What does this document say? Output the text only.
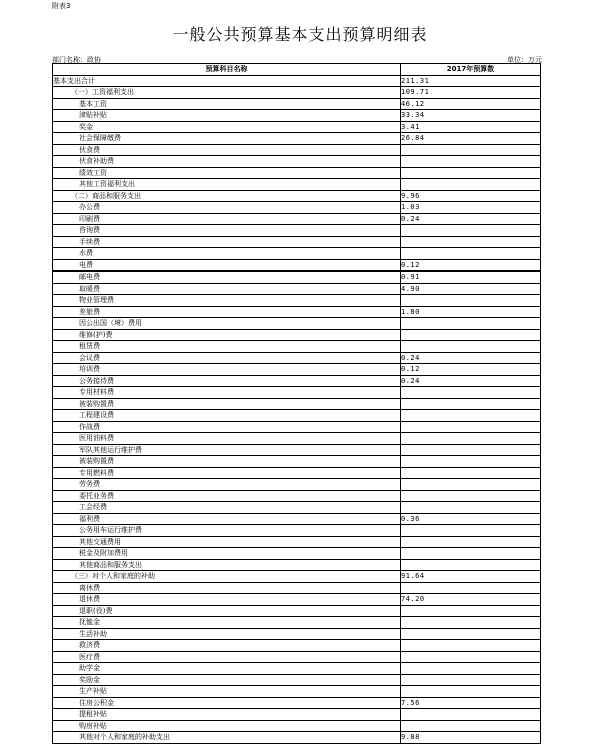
附表3
一般公共预算基本支出预算明细表
部门名称：政协	单位：万元
预算科目名称	2017年预算数
基本支出合计	211.31
（一）工资福利支出	109.71
基本工资	46.12
津贴补贴	33.34
奖金	3.41
社会保障缴费	26.84
伙食费	
伙食补助费	
绩效工资	
其他工资福利支出	
（二）商品和服务支出	9.96
办公费	1.03
印刷费	0.24
咨询费	
手续费	
水费	
电费	0.12
邮电费	0.91
取暖费	4.90
物业管理费	
差旅费	1.80
因公出国（境）费用	
维修(护)费	
租赁费	
会议费	0.24
培训费	0.12
公务接待费	0.24
专用材料费	
被装购置费	
工程建设费	
作战费	
医用油料费	
军队其他运行维护费	
被装购置费	
专用燃料费	
劳务费	
委托业务费	
工会经费	
福利费	0.36
公务用车运行维护费	
其他交通费用	
税金及附加费用	
其他商品和服务支出	
（三）对个人和家庭的补助	91.64
离休费	
退休费	74.20
退职(役)费	
抚恤金	
生活补助	
救济费	
医疗费	
助学金	
奖励金	
生产补贴	
住房公积金	7.56
提租补贴	
购房补贴	
其他对个人和家庭的补助支出	9.88
